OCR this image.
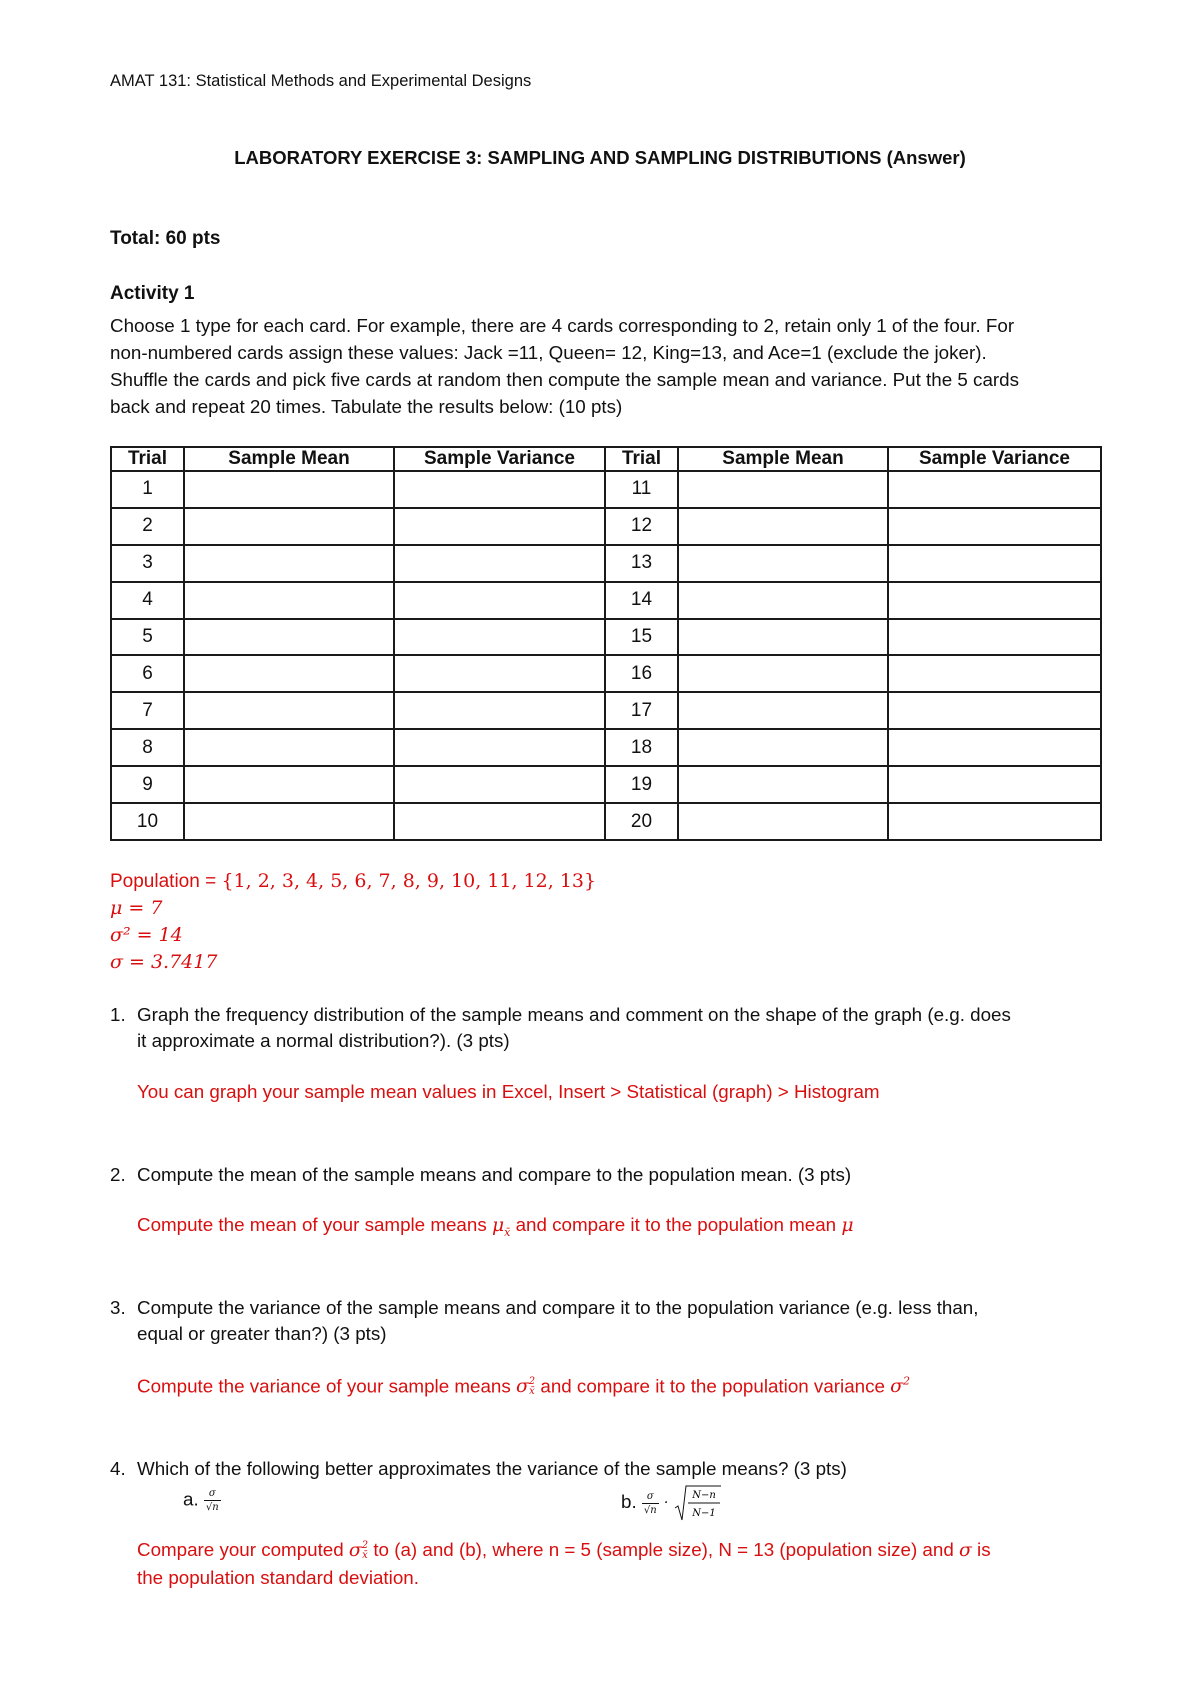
AMAT 131: Statistical Methods and Experimental Designs
LABORATORY EXERCISE 3: SAMPLING AND SAMPLING DISTRIBUTIONS (Answer)
Total: 60 pts
Activity 1
Choose 1 type for each card. For example, there are 4 cards corresponding to 2, retain only 1 of the four. For
non-numbered cards assign these values: Jack =11, Queen= 12, King=13, and Ace=1 (exclude the joker).
Shuffle the cards and pick five cards at random then compute the sample mean and variance. Put the 5 cards
back and repeat 20 times. Tabulate the results below: (10 pts)
Trial	Sample Mean	Sample Variance	Trial	Sample Mean	Sample Variance
1			11		
2			12		
3			13		
4			14		
5			15		
6			16		
7			17		
8			18		
9			19		
10			20		
Population = {1, 2, 3, 4, 5, 6, 7, 8, 9, 10, 11, 12, 13}
μ = 7
σ² = 14
σ = 3.7417
1. Graph the frequency distribution of the sample means and comment on the shape of the graph (e.g. does
it approximate a normal distribution?). (3 pts)
You can graph your sample mean values in Excel, Insert > Statistical (graph) > Histogram
2. Compute the mean of the sample means and compare to the population mean. (3 pts)
Compute the mean of your sample means $\mu_{x̄}$ and compare it to the population mean μ
3. Compute the variance of the sample means and compare it to the population variance (e.g. less than,
equal or greater than?) (3 pts)
Compute the variance of your sample means σ 2
x̄ and compare it to the population variance $\sigma^2$
4. Which of the following better approximates the variance of the sample means? (3 pts)
a. $\frac{\sigma}{√n}$	b. $\frac{\sigma}{√n} \cdot N-n$
N−1
Compare your computed σ 2
x̄ to (a) and (b), where n = 5 (sample size), N = 13 (population size) and σ is
the population standard deviation.
